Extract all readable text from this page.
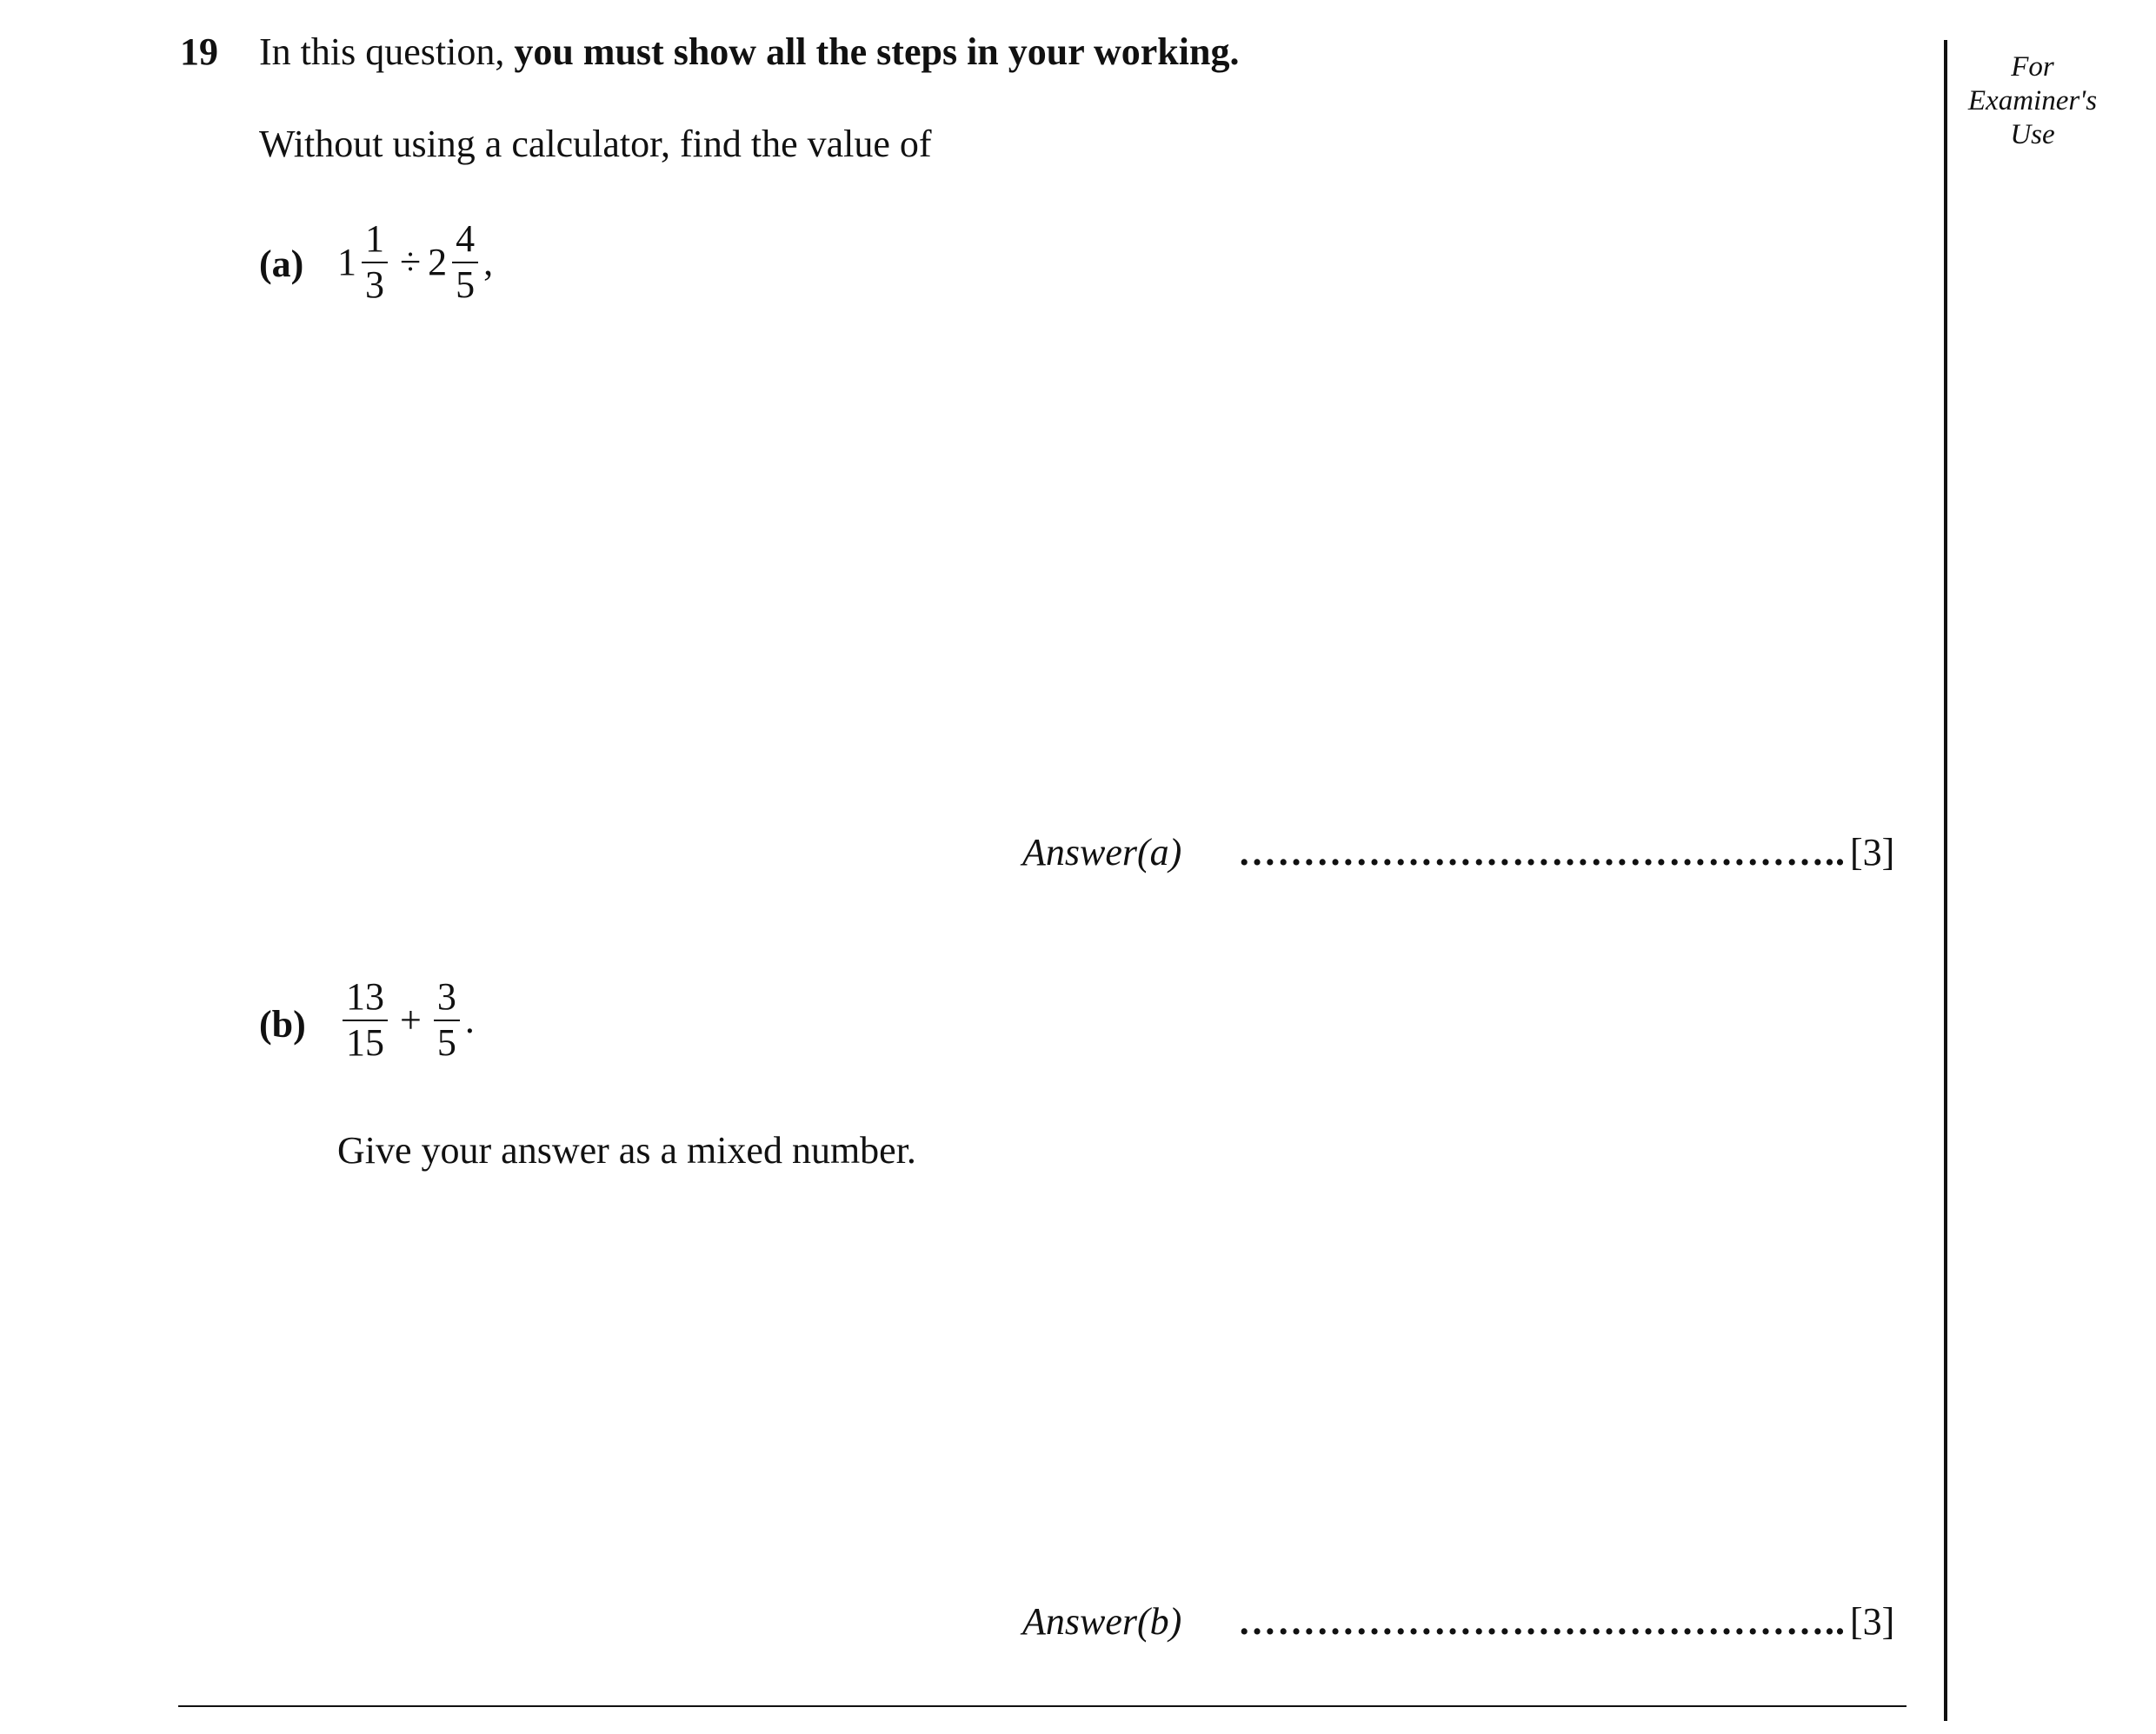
19 In this question, you must show all the steps in your working.
Without using a calculator, find the value of
For
Examiner's
Use
(a) $1 \frac{1}{3} \div 2 \frac{4}{5}$ ,
Answer(a) ……………………………………….. [3]
$(b) \frac{13}{15} + \frac{3}{5}$ .
Give your answer as a mixed number.
Answer(b) ……………………………………….. [3]
